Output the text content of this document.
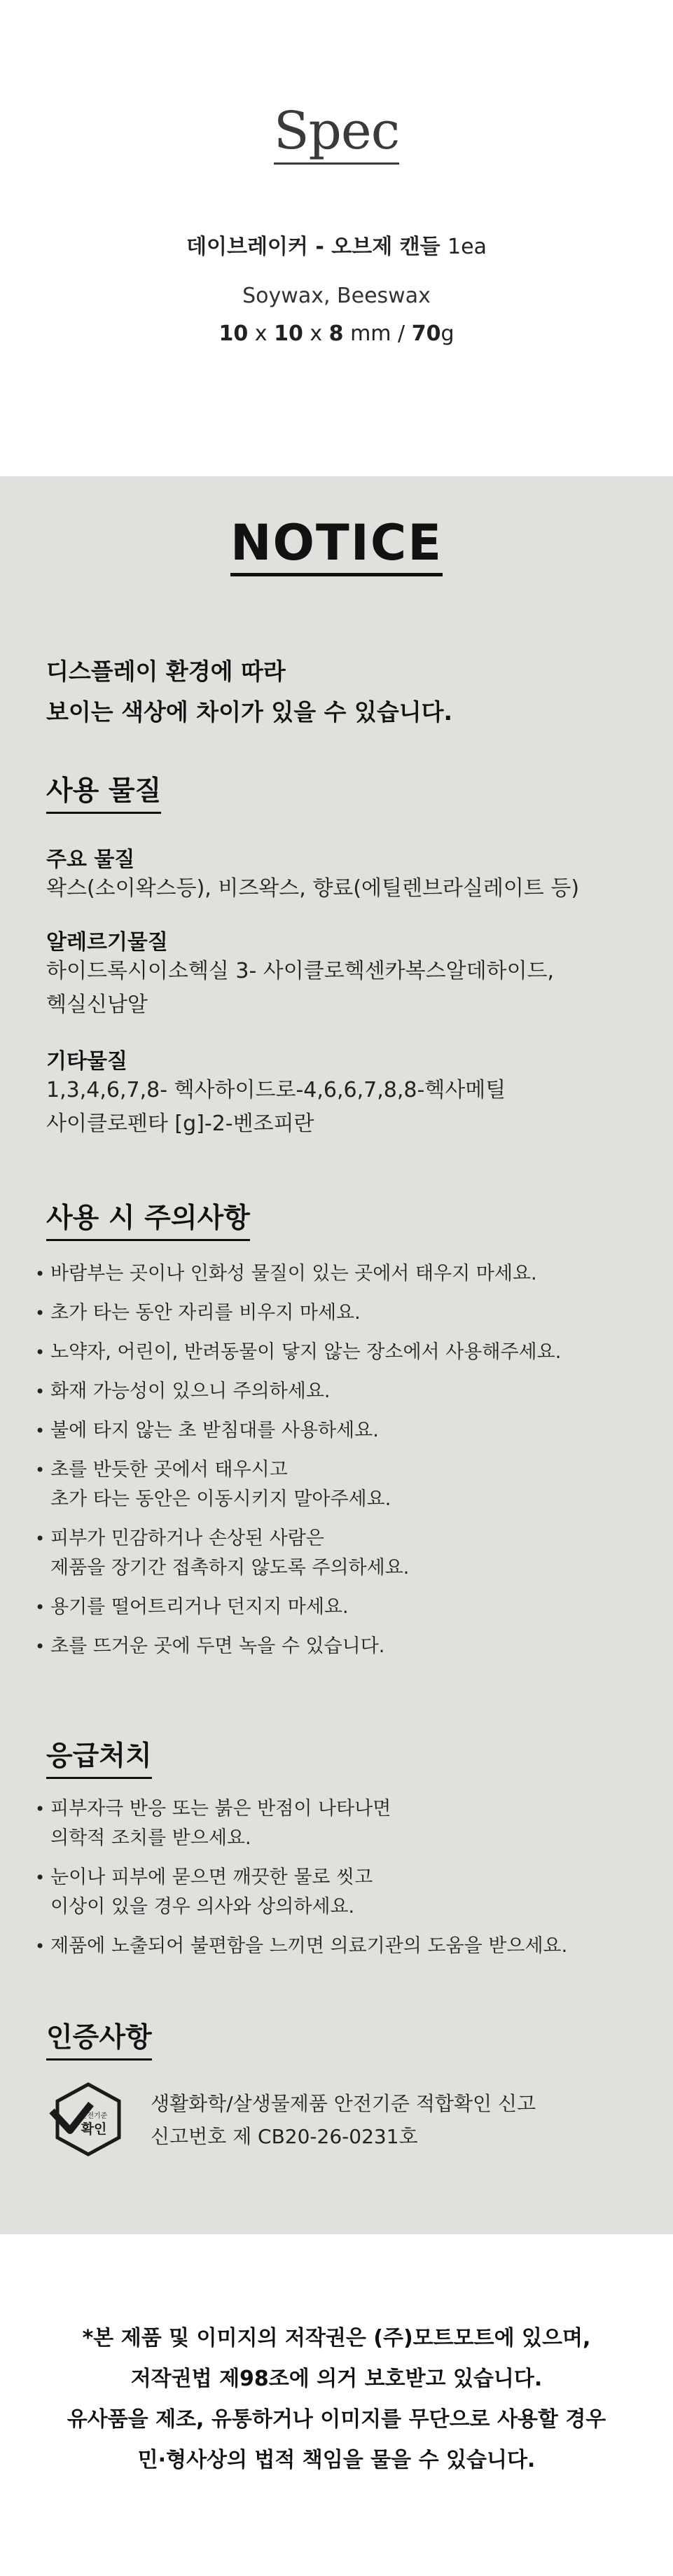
Spec
데이브레이커 - 오브제 캔들 1ea
Soywax, Beeswax
10 x 10 x 8 mm / 70g
NOTICE
디스플레이 환경에 따라
보이는 색상에 차이가 있을 수 있습니다.
사용 물질
주요 물질
왁스(소이왁스등), 비즈왁스, 향료(에틸렌브라실레이트 등)
알레르기물질
하이드록시이소헥실 3- 사이클로헥센카복스알데하이드,
헥실신남알
기타물질
1,3,4,6,7,8- 헥사하이드로-4,6,6,7,8,8-헥사메틸
사이클로펜타 [g]-2-벤조피란
사용 시 주의사항
• 바람부는 곳이나 인화성 물질이 있는 곳에서 태우지 마세요.
• 초가 타는 동안 자리를 비우지 마세요.
• 노약자, 어린이, 반려동물이 닿지 않는 장소에서 사용해주세요.
• 화재 가능성이 있으니 주의하세요.
• 불에 타지 않는 초 받침대를 사용하세요.
• 초를 반듯한 곳에서 태우시고
초가 타는 동안은 이동시키지 말아주세요.
• 피부가 민감하거나 손상된 사람은
제품을 장기간 접촉하지 않도록 주의하세요.
• 용기를 떨어트리거나 던지지 마세요.
• 초를 뜨거운 곳에 두면 녹을 수 있습니다.
응급처치
• 피부자극 반응 또는 붉은 반점이 나타나면
의학적 조치를 받으세요.
• 눈이나 피부에 묻으면 깨끗한 물로 씻고
이상이 있을 경우 의사와 상의하세요.
• 제품에 노출되어 불편함을 느끼면 의료기관의 도움을 받으세요.
인증사항
안전기준
확인
생활화학/살생물제품 안전기준 적합확인 신고
신고번호 제 CB20-26-0231호
*본 제품 및 이미지의 저작권은 (주)모트모트에 있으며,
저작권법 제98조에 의거 보호받고 있습니다.
유사품을 제조, 유통하거나 이미지를 무단으로 사용할 경우
민·형사상의 법적 책임을 물을 수 있습니다.
